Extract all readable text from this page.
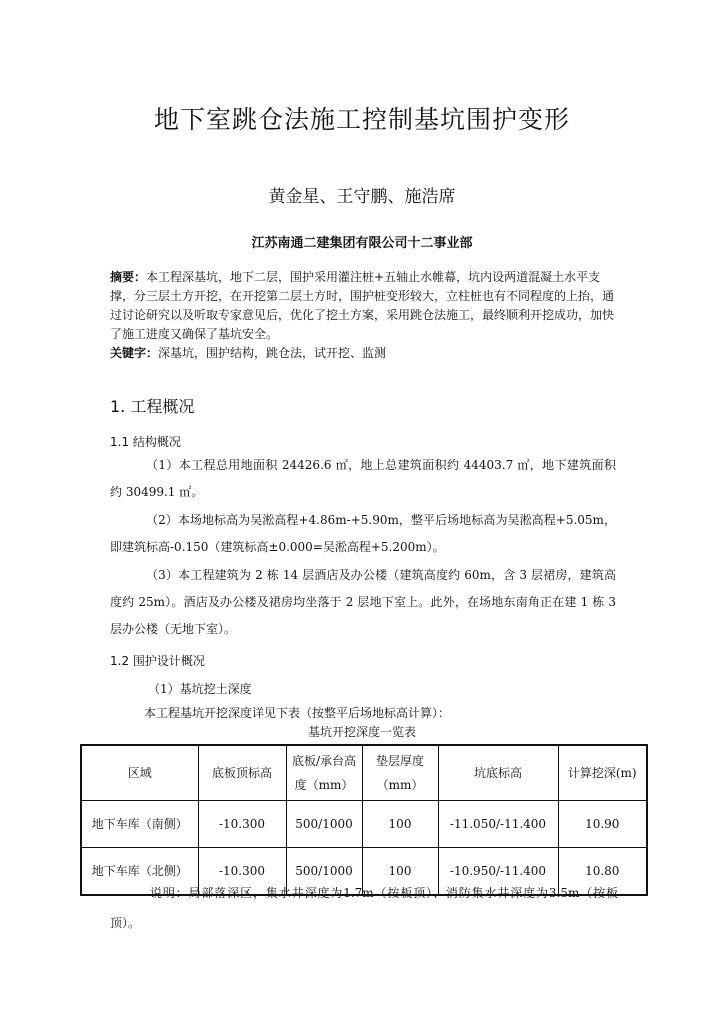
地下室跳仓法施工控制基坑围护变形
黄金星、王守鹏、施浩席
江苏南通二建集团有限公司十二事业部

摘要：本工程深基坑，地下二层，围护采用灌注桩+五轴止水帷幕，坑内设两道混凝土水平支撑，分三层土方开挖，在开挖第二层土方时，围护桩变形较大，立柱桩也有不同程度的上抬，通过讨论研究以及听取专家意见后，优化了挖土方案，采用跳仓法施工，最终顺利开挖成功，加快了施工进度又确保了基坑安全。

关键字：深基坑，围护结构，跳仓法，试开挖、监测

1. 工程概况
1.1 结构概况
（1）本工程总用地面积 24426.6 ㎡，地上总建筑面积约 44403.7 ㎡，地下建筑面积约 30499.1 ㎡。
（2）本场地标高为吴淞高程+4.86m-+5.90m，整平后场地标高为吴淞高程+5.05m，即建筑标高-0.150（建筑标高±0.000=吴淞高程+5.200m）。
（3）本工程建筑为 2 栋 14 层酒店及办公楼（建筑高度约 60m，含 3 层裙房，建筑高度约 25m）。酒店及办公楼及裙房均坐落于 2 层地下室上。此外，在场地东南角正在建 1 栋 3 层办公楼（无地下室）。
1.2 围护设计概况
（1）基坑挖土深度
本工程基坑开挖深度详见下表（按整平后场地标高计算）：
基坑开挖深度一览表
区域	底板顶标高	底板/承台高度（mm）	垫层厚度（mm）	坑底标高	计算挖深(m)
地下车库（南侧）	-10.300	500/1000	100	-11.050/-11.400	10.90
地下车库（北侧）	-10.300	500/1000	100	-10.950/-11.400	10.80
说明：局部落深区，集水井深度为1.7m（按板顶）、消防集水井深度为3.5m（按板顶）。
